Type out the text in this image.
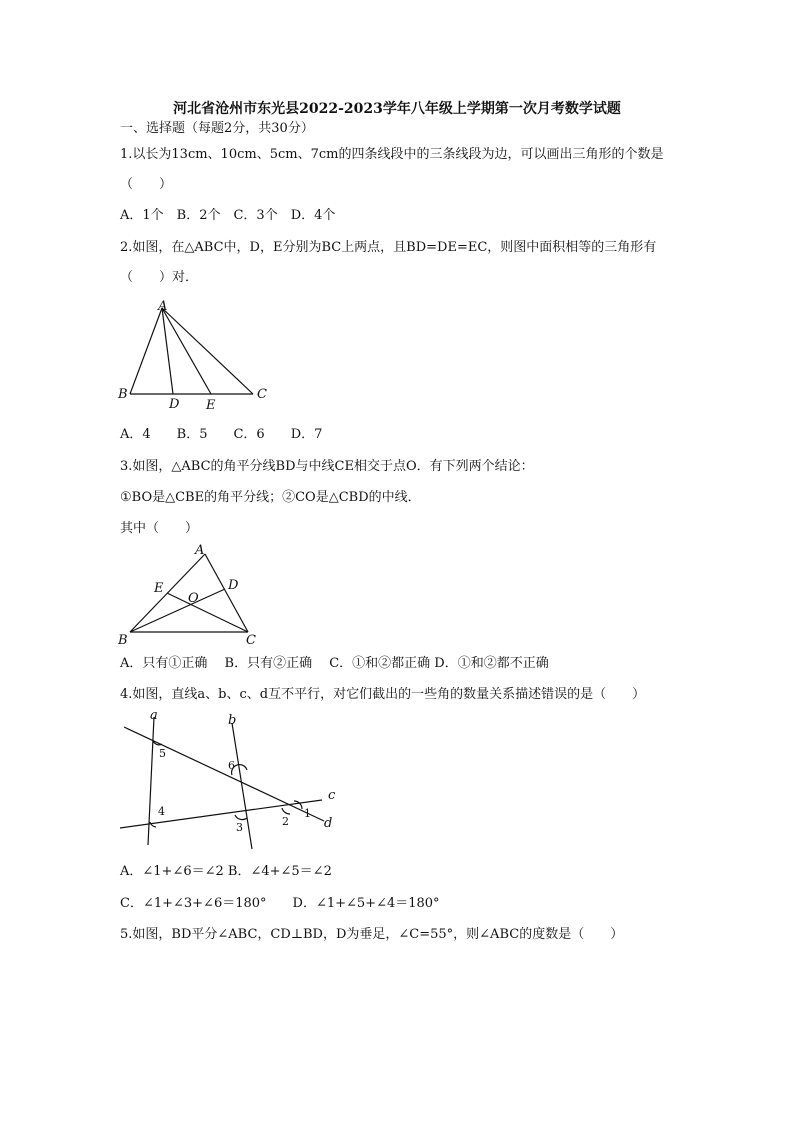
河北省沧州市东光县2022-2023学年八年级上学期第一次月考数学试题
一、选择题（每题2分，共30分）
1.以长为13cm、10cm、5cm、7cm的四条线段中的三条线段为边，可以画出三角形的个数是
（　　）
A．1个　B．2个　C．3个　D．4个
2.如图，在△ABC中，D，E分别为BC上两点，且BD=DE=EC，则图中面积相等的三角形有
（　　）对．
A
B	C
D E
A．4　　B．5　　C．6　　D．7
3.如图，△ABC的角平分线BD与中线CE相交于点O．有下列两个结论：
①BO是△CBE的角平分线；②CO是△CBD的中线．
其中（　　）
A
B	C
D
E
O
A．只有①正确　 B．只有②正确　 C．①和②都正确 D．①和②都不正确
4.如图，直线a、b、c、d互不平行，对它们截出的一些角的数量关系描述错误的是（　　）
a	b
c
d
1
2
3
4
5
6
A．∠1+∠6＝∠2 B．∠4+∠5＝∠2
C．∠1+∠3+∠6＝180°　　D．∠1+∠5+∠4＝180°
5.如图，BD平分∠ABC，CD⊥BD，D为垂足，∠C=55°，则∠ABC的度数是（　　）
